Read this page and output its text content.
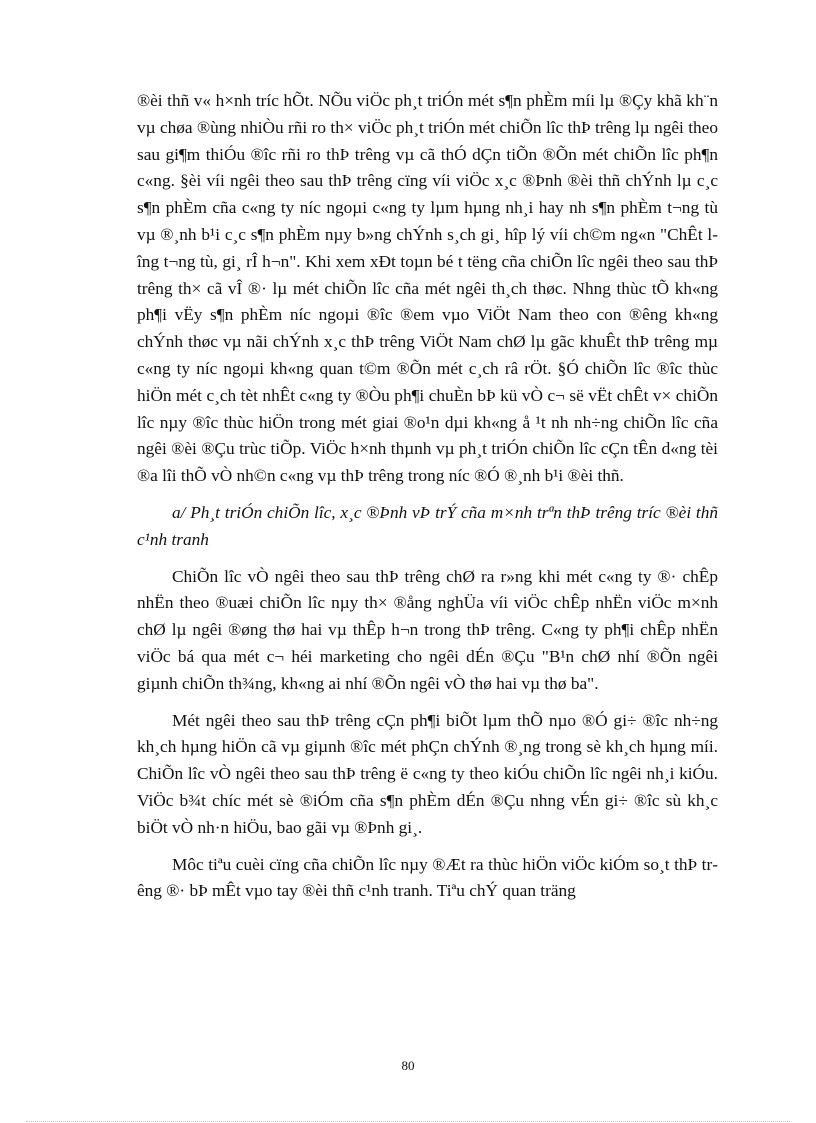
®èi thñ v« h×nh tríc hÕt. NÕu viÖc ph¸t triÓn mét s¶n phÈm míi lµ ®Çy khã kh¨n vµ chøa ®ùng nhiÒu rñi ro th× viÖc ph¸t triÓn mét chiÕn lîc thÞ trêng lµ ngêi theo sau gi¶m thiÓu ®îc rñi ro thÞ trêng vµ cã thÓ dÇn tiÕn ®Õn mét chiÕn lîc ph¶n c«ng. §èi víi ngêi theo sau thÞ trêng cïng víi viÖc x¸c ®Þnh ®èi thñ chÝnh lµ c¸c s¶n phÈm cña c«ng ty níc ngoµi c«ng ty lµm hµng nh¸i hay nh s¶n phÈm t¬ng tù vµ ®¸nh b¹i c¸c s¶n phÈm nµy b»ng chÝnh s¸ch gi¸ hîp lý víi ch©m ng«n "ChÊt lîng t¬ng tù, gi¸ rÎ h¬n". Khi xem xÐt toµn bé t tëng cña chiÕn lîc ngêi theo sau thÞ trêng th× cã vÎ ®· lµ mét chiÕn lîc cña mét ngêi th¸ch thøc. Nhng thùc tÕ kh«ng ph¶i vËy s¶n phÈm níc ngoµi ®îc ®em vµo ViÖt Nam theo con ®êng kh«ng chÝnh thøc vµ nãi chÝnh x¸c thÞ trêng ViÖt Nam chØ lµ gãc khuÊt thÞ trêng mµ c«ng ty níc ngoµi kh«ng quan t©m ®Õn mét c¸ch râ rÖt. §Ó chiÕn lîc ®îc thùc hiÖn mét c¸ch tèt nhÊt c«ng ty ®Òu ph¶i chuÈn bÞ kü vÒ c¬ së vËt chÊt v× chiÕn lîc nµy ®îc thùc hiÖn trong mét giai ®o¹n dµi kh«ng å ¹t nh nh÷ng chiÕn lîc cña ngêi ®èi ®Çu trùc tiÕp. ViÖc h×nh thµnh vµ ph¸t triÓn chiÕn lîc cÇn tÊn d«ng tèi ®a lîi thÕ vÒ nh©n c«ng vµ thÞ trêng trong níc ®Ó ®¸nh b¹i ®èi thñ.

a/ Ph¸t triÓn chiÕn lîc, x¸c ®Þnh vÞ trÝ cña m×nh trªn thÞ trêng tríc ®èi thñ c¹nh tranh

ChiÕn lîc vÒ ngêi theo sau thÞ trêng chØ ra r»ng khi mét c«ng ty ®· chÊp nhËn theo ®uæi chiÕn lîc nµy th× ®ång nghÜa víi viÖc chÊp nhËn viÖc m×nh chØ lµ ngêi ®øng thø hai vµ thÊp h¬n trong thÞ trêng. C«ng ty ph¶i chÊp nhËn viÖc bá qua mét c¬ héi marketing cho ngêi dÉn ®Çu "B¹n chØ nhí ®Õn ngêi giµnh chiÕn th¾ng, kh«ng ai nhí ®Õn ngêi vÒ thø hai vµ thø ba".

Mét ngêi theo sau thÞ trêng cÇn ph¶i biÕt lµm thÕ nµo ®Ó gi÷ ®îc nh÷ng kh¸ch hµng hiÖn cã vµ giµnh ®îc mét phÇn chÝnh ®¸ng trong sè kh¸ch hµng míi. ChiÕn lîc vÒ ngêi theo sau thÞ trêng ë c«ng ty theo kiÓu chiÕn lîc ngêi nh¸i kiÓu. ViÖc b¾t chíc mét sè ®iÓm cña s¶n phÈm dÉn ®Çu nhng vÉn gi÷ ®îc sù kh¸c biÖt vÒ nh·n hiÖu, bao gãi vµ ®Þnh gi¸.

Môc tiªu cuèi cïng cña chiÕn lîc nµy ®Æt ra thùc hiÖn viÖc kiÓm so¸t thÞ trêng ®· bÞ mÊt vµo tay ®èi thñ c¹nh tranh. Tiªu chÝ quan träng

80
